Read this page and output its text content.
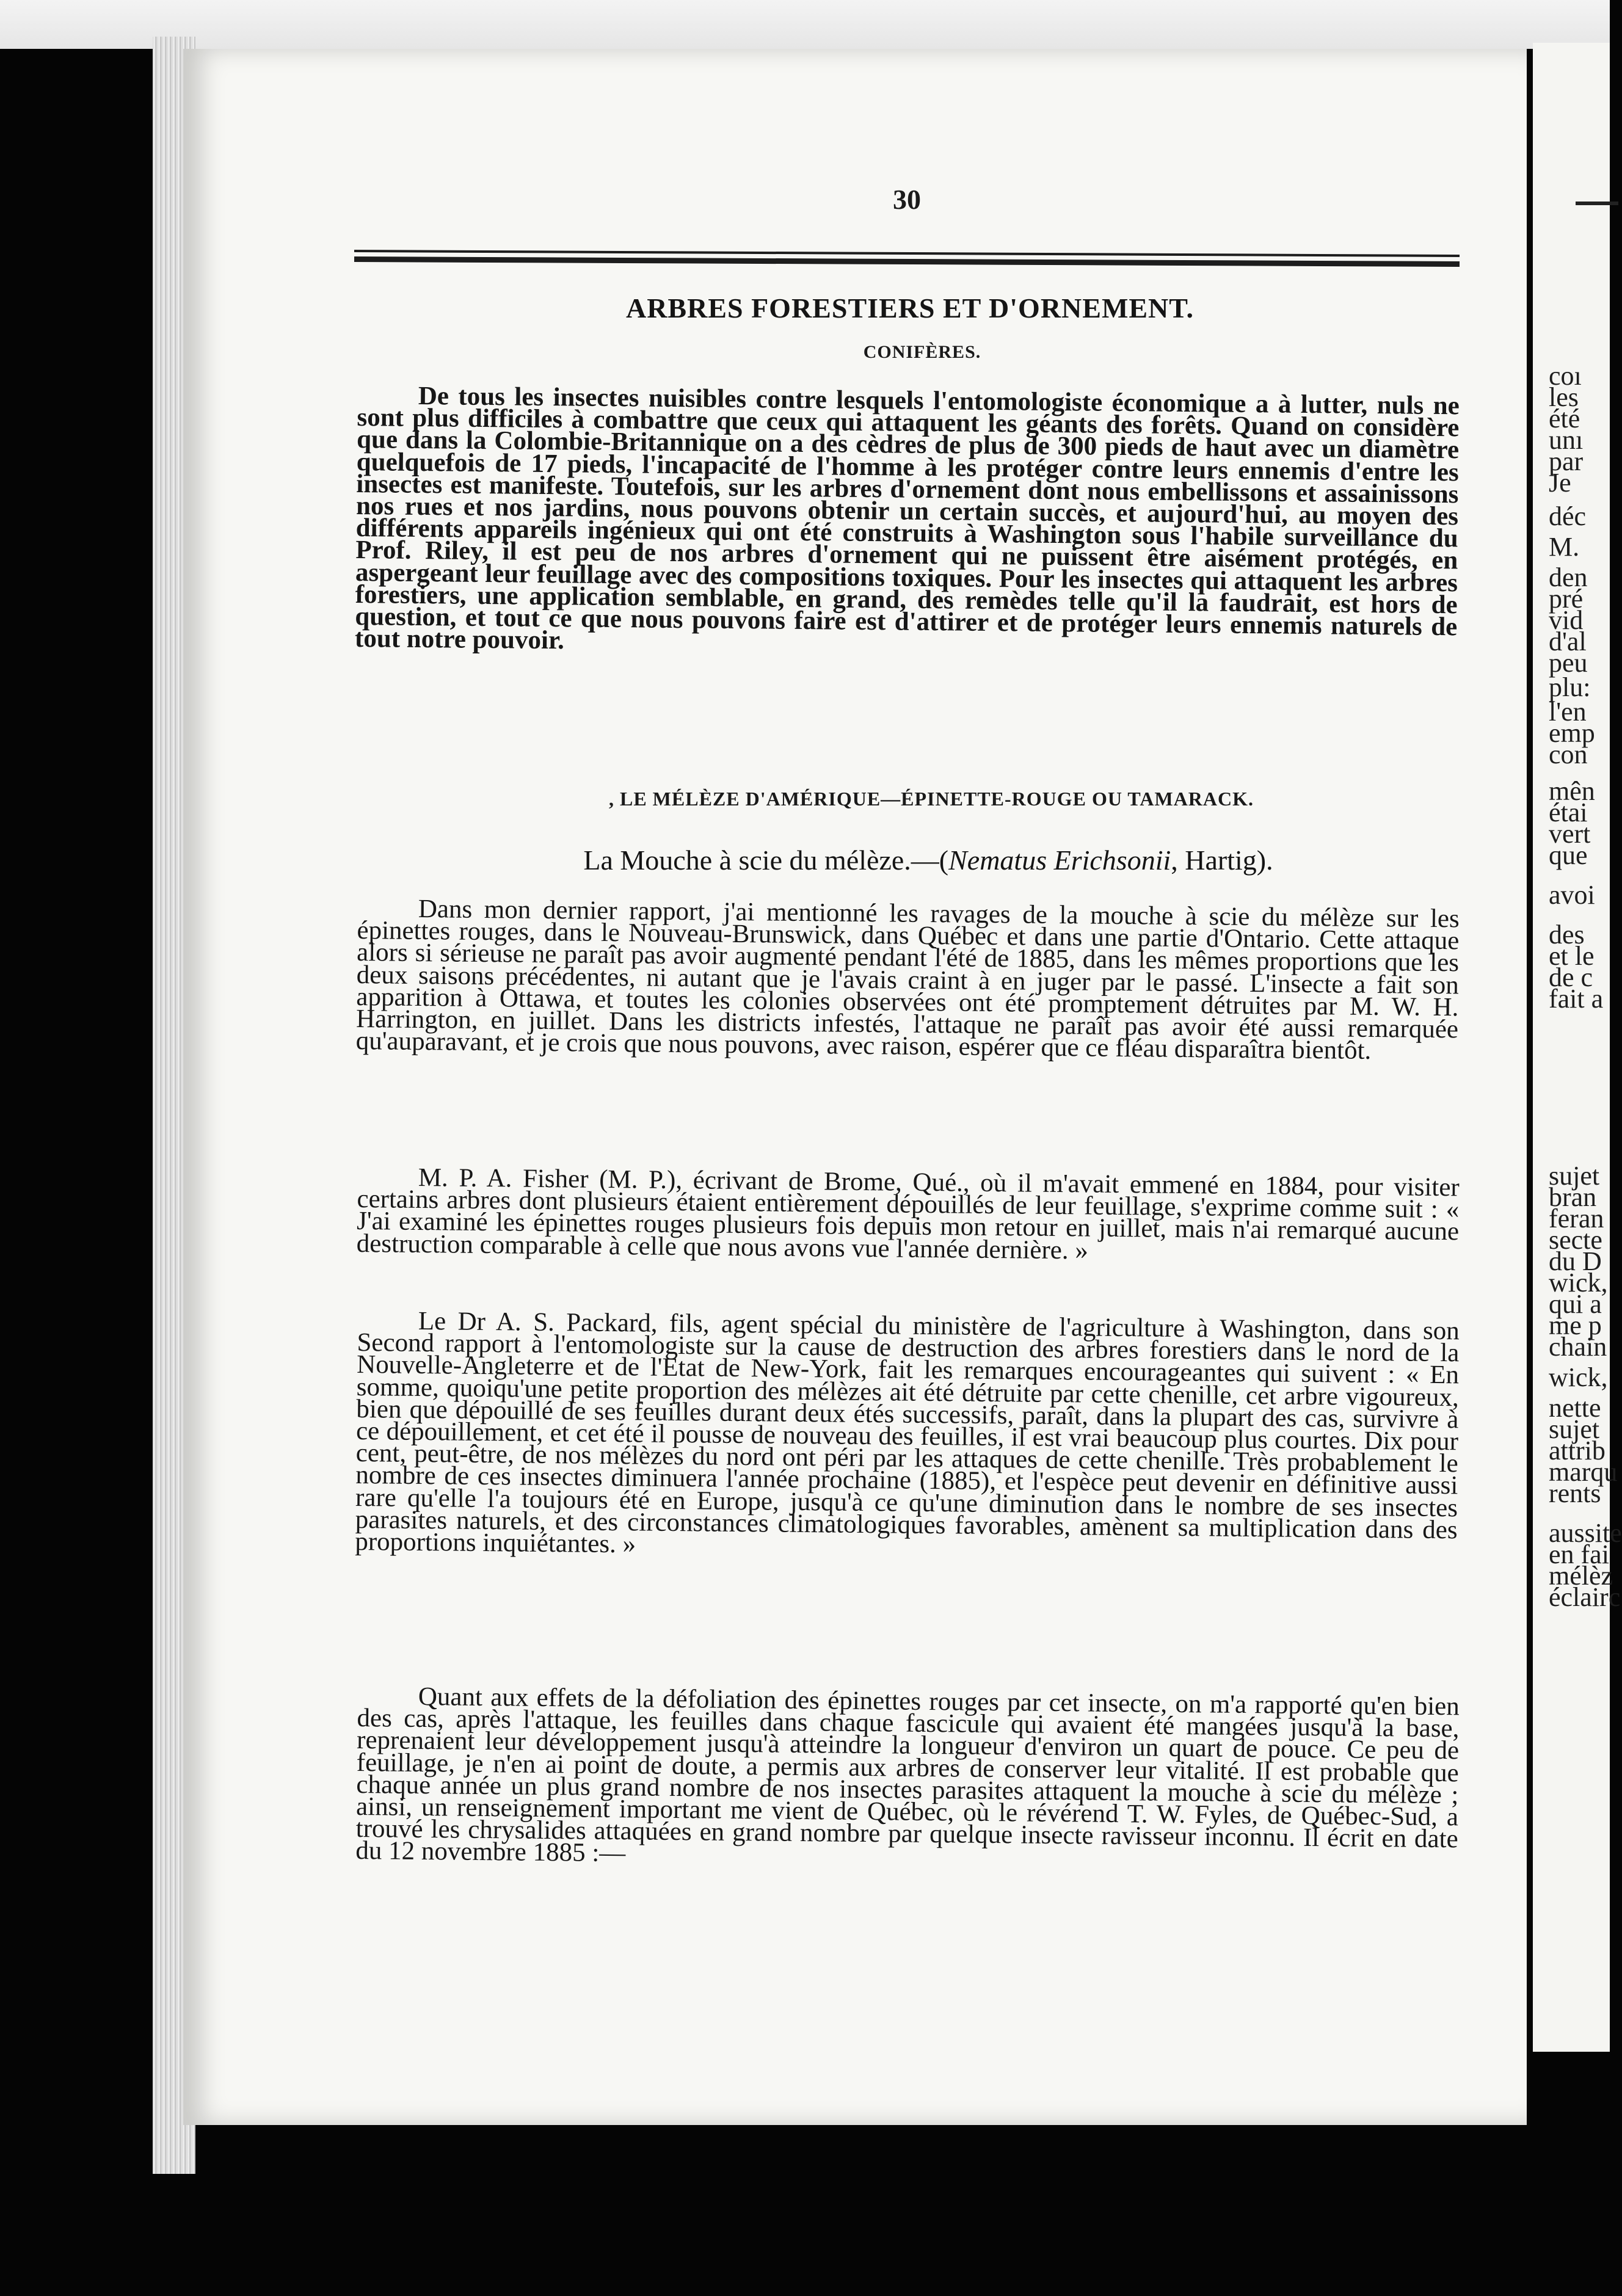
30
ARBRES FORESTIERS ET D'ORNEMENT.
CONIFÈRES.
De tous les insectes nuisibles contre lesquels l'entomologiste économique a à lutter, nuls ne sont plus difficiles à combattre que ceux qui attaquent les géants des forêts. Quand on considère que dans la Colombie-Britannique on a des cèdres de plus de 300 pieds de haut avec un diamètre quelquefois de 17 pieds, l'incapacité de l'homme à les protéger contre leurs ennemis d'entre les insectes est manifeste. Toutefois, sur les arbres d'ornement dont nous embellissons et assainissons nos rues et nos jardins, nous pouvons obtenir un certain succès, et aujourd'hui, au moyen des différents appareils ingénieux qui ont été construits à Washington sous l'habile surveillance du Prof. Riley, il est peu de nos arbres d'ornement qui ne puissent être aisément protégés, en aspergeant leur feuillage avec des compositions toxiques. Pour les insectes qui attaquent les arbres forestiers, une application semblable, en grand, des remèdes telle qu'il la faudrait, est hors de question, et tout ce que nous pouvons faire est d'attirer et de protéger leurs ennemis naturels de tout notre pouvoir.
, LE MÉLÈZE D'AMÉRIQUE—ÉPINETTE-ROUGE OU TAMARACK.
La Mouche à scie du mélèze.—(Nematus Erichsonii, Hartig).
Dans mon dernier rapport, j'ai mentionné les ravages de la mouche à scie du mélèze sur les épinettes rouges, dans le Nouveau-Brunswick, dans Québec et dans une partie d'Ontario. Cette attaque alors si sérieuse ne paraît pas avoir augmenté pendant l'été de 1885, dans les mêmes proportions que les deux saisons précédentes, ni autant que je l'avais craint à en juger par le passé. L'insecte a fait son apparition à Ottawa, et toutes les colonies observées ont été promptement détruites par M. W. H. Harrington, en juillet. Dans les districts infestés, l'attaque ne paraît pas avoir été aussi remarquée qu'auparavant, et je crois que nous pouvons, avec raison, espérer que ce fléau disparaîtra bientôt.
M. P. A. Fisher (M. P.), écrivant de Brome, Qué., où il m'avait emmené en 1884, pour visiter certains arbres dont plusieurs étaient entièrement dépouillés de leur feuillage, s'exprime comme suit : « J'ai examiné les épinettes rouges plusieurs fois depuis mon retour en juillet, mais n'ai remarqué aucune destruction comparable à celle que nous avons vue l'année dernière. »
Le Dr A. S. Packard, fils, agent spécial du ministère de l'agriculture à Washington, dans son Second rapport à l'entomologiste sur la cause de destruction des arbres forestiers dans le nord de la Nouvelle-Angleterre et de l'Etat de New-York, fait les remarques encourageantes qui suivent : « En somme, quoiqu'une petite proportion des mélèzes ait été détruite par cette chenille, cet arbre vigoureux, bien que dépouillé de ses feuilles durant deux étés successifs, paraît, dans la plupart des cas, survivre à ce dépouillement, et cet été il pousse de nouveau des feuilles, il est vrai beaucoup plus courtes. Dix pour cent, peut-être, de nos mélèzes du nord ont péri par les attaques de cette chenille. Très probablement le nombre de ces insectes diminuera l'année prochaine (1885), et l'espèce peut devenir en définitive aussi rare qu'elle l'a toujours été en Europe, jusqu'à ce qu'une diminution dans le nombre de ses insectes parasites naturels, et des circonstances climatologiques favorables, amènent sa multiplication dans des proportions inquiétantes. »
Quant aux effets de la défoliation des épinettes rouges par cet insecte, on m'a rapporté qu'en bien des cas, après l'attaque, les feuilles dans chaque fascicule qui avaient été mangées jusqu'à la base, reprenaient leur développement jusqu'à atteindre la longueur d'environ un quart de pouce. Ce peu de feuillage, je n'en ai point de doute, a permis aux arbres de conserver leur vitalité. Il est probable que chaque année un plus grand nombre de nos insectes parasites attaquent la mouche à scie du mélèze ; ainsi, un renseignement important me vient de Québec, où le révérend T. W. Fyles, de Québec-Sud, a trouvé les chrysalides attaquées en grand nombre par quelque insecte ravisseur inconnu. Il écrit en date du 12 novembre 1885 :—
coı
les
été
unı
par
Je
déc
M.
den
pré
vid
d'al
peu
plu:
l'en
emp
con
mên
étai
vert
que
avoi
des
et le
de c
fait a
sujet
bran
feran
secte
du D
wick,
qui a
me p
chain
wick,
nette
sujet
attrib
marqu
rents
aussite
en fai
mélèz
éclairc
